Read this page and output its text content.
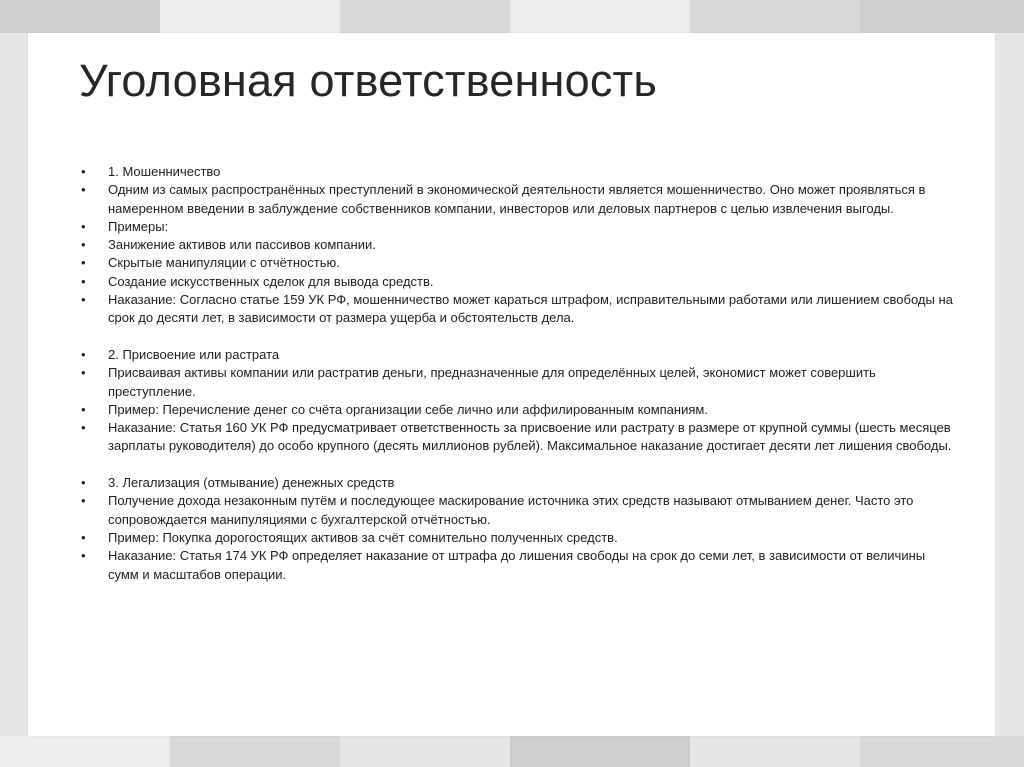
Уголовная ответственность
• 1. Мошенничество
• Одним из самых распространённых преступлений в экономической деятельности является мошенничество. Оно может проявляться в намеренном введении в заблуждение собственников компании, инвесторов или деловых партнеров с целью извлечения выгоды.
• Примеры:
• Занижение активов или пассивов компании.
• Скрытые манипуляции с отчётностью.
• Создание искусственных сделок для вывода средств.
• Наказание: Согласно статье 159 УК РФ, мошенничество может караться штрафом, исправительными работами или лишением свободы на срок до десяти лет, в зависимости от размера ущерба и обстоятельств дела.
• 2. Присвоение или растрата
• Присваивая активы компании или растратив деньги, предназначенные для определённых целей, экономист может совершить преступление.
• Пример: Перечисление денег со счёта организации себе лично или аффилированным компаниям.
• Наказание: Статья 160 УК РФ предусматривает ответственность за присвоение или растрату в размере от крупной суммы (шесть месяцев зарплаты руководителя) до особо крупного (десять миллионов рублей). Максимальное наказание достигает десяти лет лишения свободы.
• 3. Легализация (отмывание) денежных средств
• Получение дохода незаконным путём и последующее маскирование источника этих средств называют отмыванием денег. Часто это сопровождается манипуляциями с бухгалтерской отчётностью.
• Пример: Покупка дорогостоящих активов за счёт сомнительно полученных средств.
• Наказание: Статья 174 УК РФ определяет наказание от штрафа до лишения свободы на срок до семи лет, в зависимости от величины сумм и масштабов операции.
